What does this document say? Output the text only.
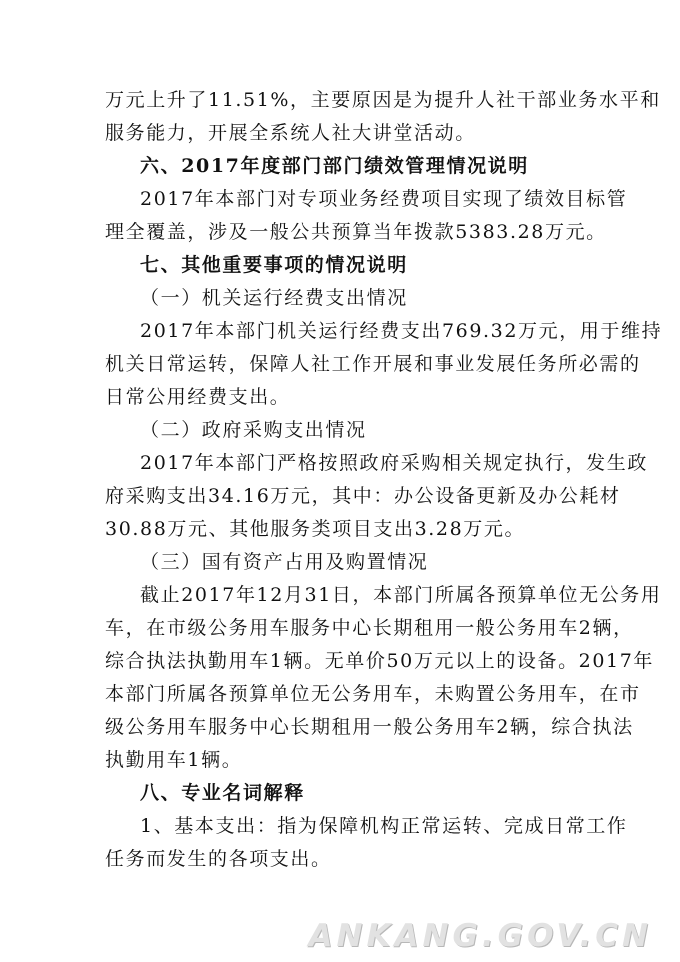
万元上升了11.51%，主要原因是为提升人社干部业务水平和
服务能力，开展全系统人社大讲堂活动。
六、2017年度部门部门绩效管理情况说明
2017年本部门对专项业务经费项目实现了绩效目标管
理全覆盖，涉及一般公共预算当年拨款5383.28万元。
七、其他重要事项的情况说明
（一）机关运行经费支出情况
2017年本部门机关运行经费支出769.32万元，用于维持
机关日常运转，保障人社工作开展和事业发展任务所必需的
日常公用经费支出。
（二）政府采购支出情况
2017年本部门严格按照政府采购相关规定执行，发生政
府采购支出34.16万元，其中：办公设备更新及办公耗材
30.88万元、其他服务类项目支出3.28万元。
（三）国有资产占用及购置情况
截止2017年12月31日，本部门所属各预算单位无公务用
车，在市级公务用车服务中心长期租用一般公务用车2辆，
综合执法执勤用车1辆。无单价50万元以上的设备。2017年
本部门所属各预算单位无公务用车，未购置公务用车，在市
级公务用车服务中心长期租用一般公务用车2辆，综合执法
执勤用车1辆。
八、专业名词解释
1、基本支出：指为保障机构正常运转、完成日常工作
任务而发生的各项支出。
ANKANG.GOV.CN
